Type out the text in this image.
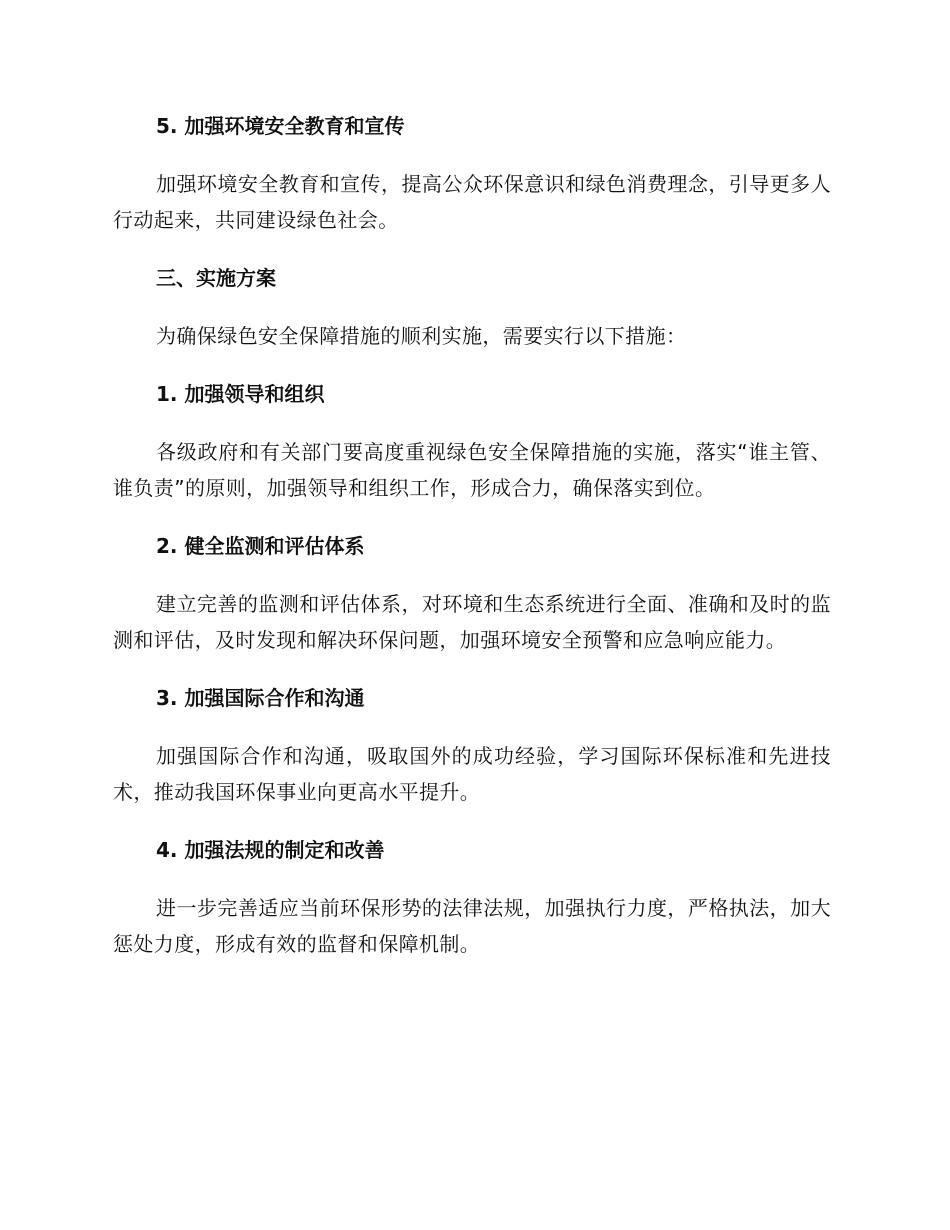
5. 加强环境安全教育和宣传
加强环境安全教育和宣传，提高公众环保意识和绿色消费理念，引导更多人行动起来，共同建设绿色社会。
三、实施方案
为确保绿色安全保障措施的顺利实施，需要实行以下措施：
1. 加强领导和组织
各级政府和有关部门要高度重视绿色安全保障措施的实施，落实“谁主管、谁负责”的原则，加强领导和组织工作，形成合力，确保落实到位。
2. 健全监测和评估体系
建立完善的监测和评估体系，对环境和生态系统进行全面、准确和及时的监测和评估，及时发现和解决环保问题，加强环境安全预警和应急响应能力。
3. 加强国际合作和沟通
加强国际合作和沟通，吸取国外的成功经验，学习国际环保标准和先进技术，推动我国环保事业向更高水平提升。
4. 加强法规的制定和改善
进一步完善适应当前环保形势的法律法规，加强执行力度，严格执法，加大惩处力度，形成有效的监督和保障机制。
